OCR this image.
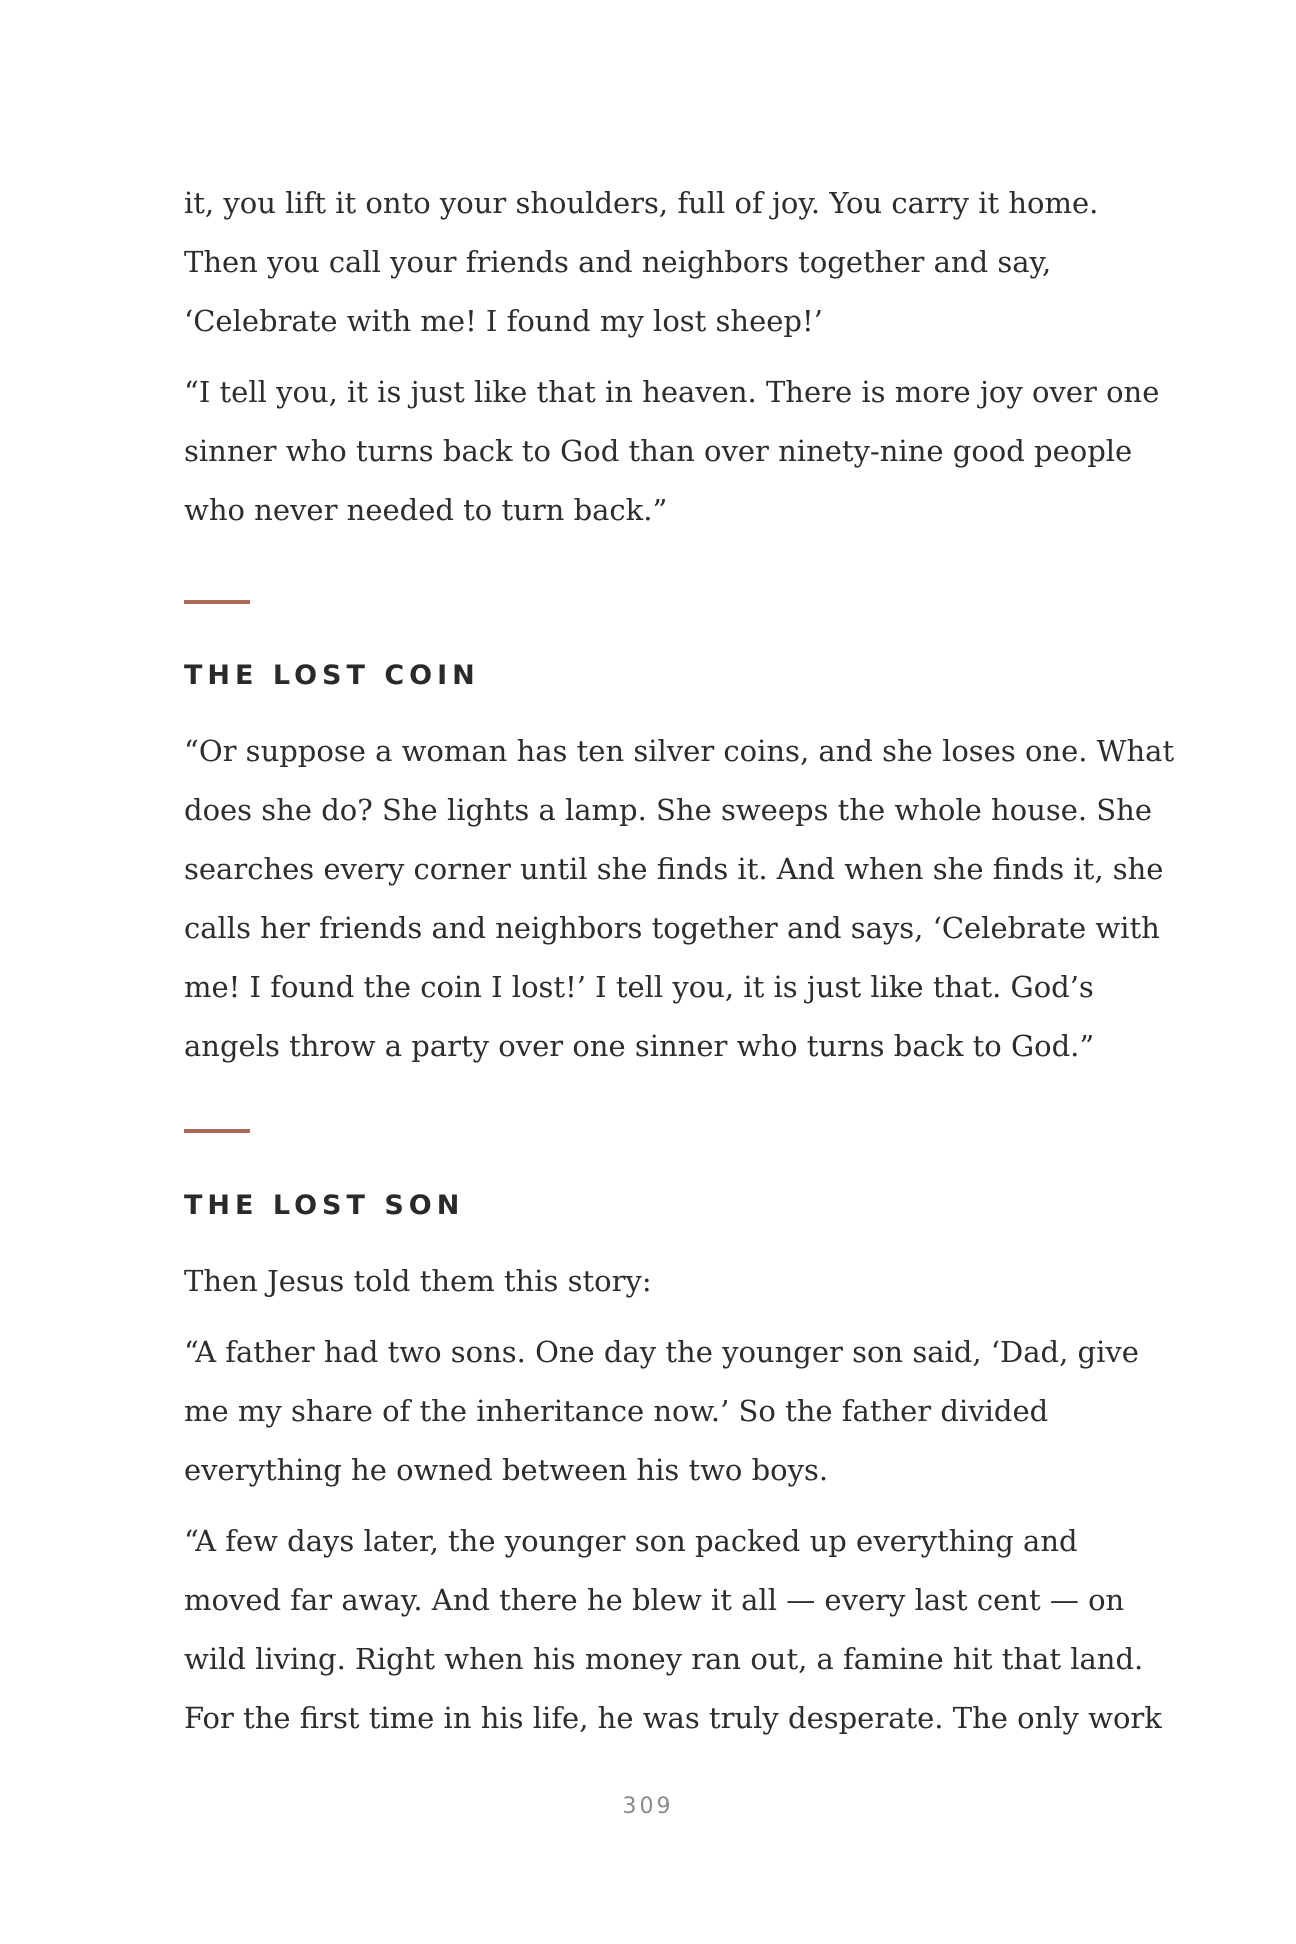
it, you lift it onto your shoulders, full of joy. You carry it home.

Then you call your friends and neighbors together and say,

‘Celebrate with me! I found my lost sheep!’

“I tell you, it is just like that in heaven. There is more joy over one

sinner who turns back to God than over ninety-nine good people

who never needed to turn back.”

THE LOST COIN

“Or suppose a woman has ten silver coins, and she loses one. What

does she do? She lights a lamp. She sweeps the whole house. She

searches every corner until she finds it. And when she finds it, she

calls her friends and neighbors together and says, ‘Celebrate with

me! I found the coin I lost!’ I tell you, it is just like that. God’s

angels throw a party over one sinner who turns back to God.”

THE LOST SON

Then Jesus told them this story:

“A father had two sons. One day the younger son said, ‘Dad, give

me my share of the inheritance now.’ So the father divided

everything he owned between his two boys.

“A few days later, the younger son packed up everything and

moved far away. And there he blew it all — every last cent — on

wild living. Right when his money ran out, a famine hit that land.

For the first time in his life, he was truly desperate. The only work

309
